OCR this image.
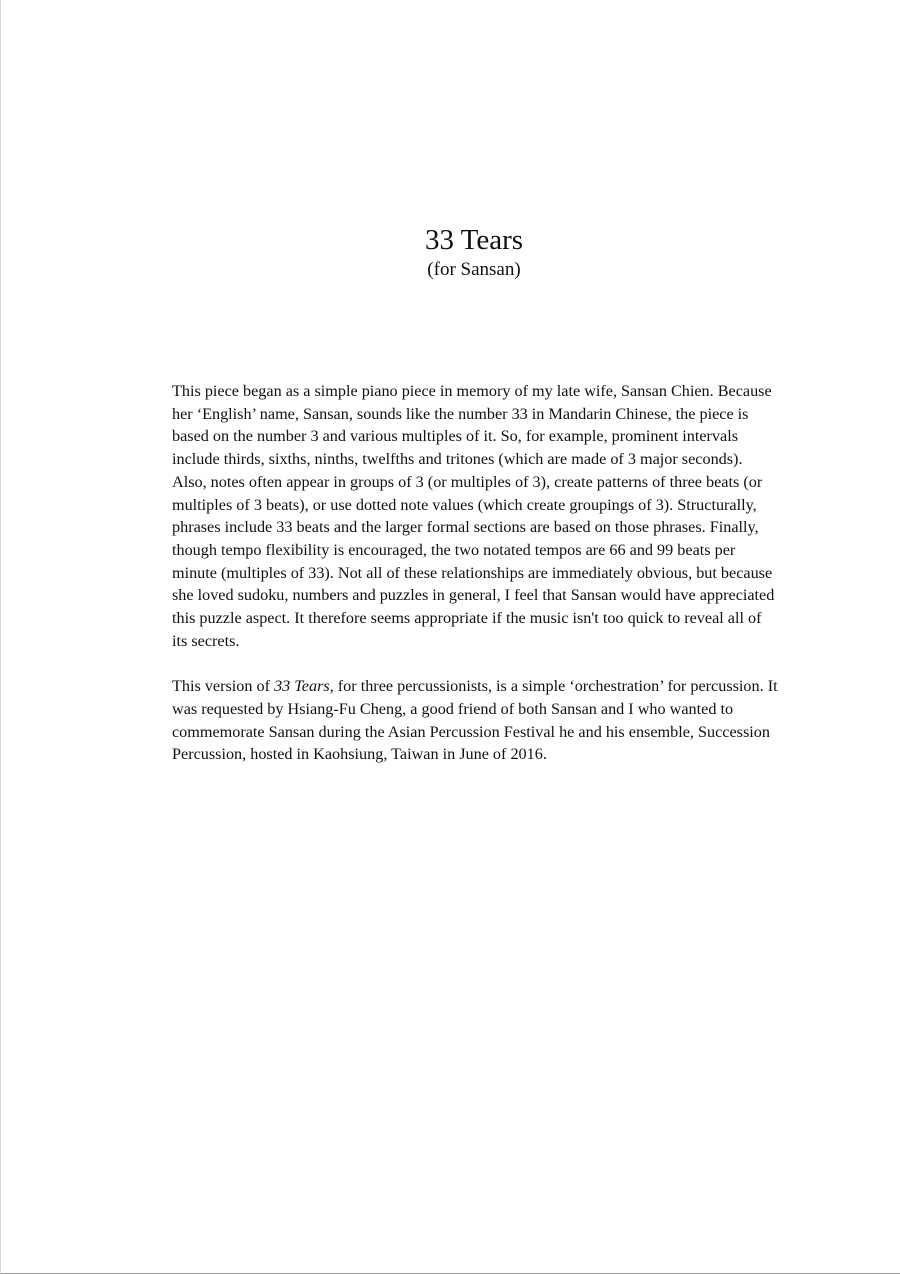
33 Tears
(for Sansan)

This piece began as a simple piano piece in memory of my late wife, Sansan Chien. Because her ‘English’ name, Sansan, sounds like the number 33 in Mandarin Chinese, the piece is based on the number 3 and various multiples of it. So, for example, prominent intervals include thirds, sixths, ninths, twelfths and tritones (which are made of 3 major seconds). Also, notes often appear in groups of 3 (or multiples of 3), create patterns of three beats (or multiples of 3 beats), or use dotted note values (which create groupings of 3). Structurally, phrases include 33 beats and the larger formal sections are based on those phrases. Finally, though tempo flexibility is encouraged, the two notated tempos are 66 and 99 beats per minute (multiples of 33). Not all of these relationships are immediately obvious, but because she loved sudoku, numbers and puzzles in general, I feel that Sansan would have appreciated this puzzle aspect. It therefore seems appropriate if the music isn't too quick to reveal all of its secrets.

This version of 33 Tears, for three percussionists, is a simple ‘orchestration’ for percussion. It was requested by Hsiang-Fu Cheng, a good friend of both Sansan and I who wanted to commemorate Sansan during the Asian Percussion Festival he and his ensemble, Succession Percussion, hosted in Kaohsiung, Taiwan in June of 2016.
